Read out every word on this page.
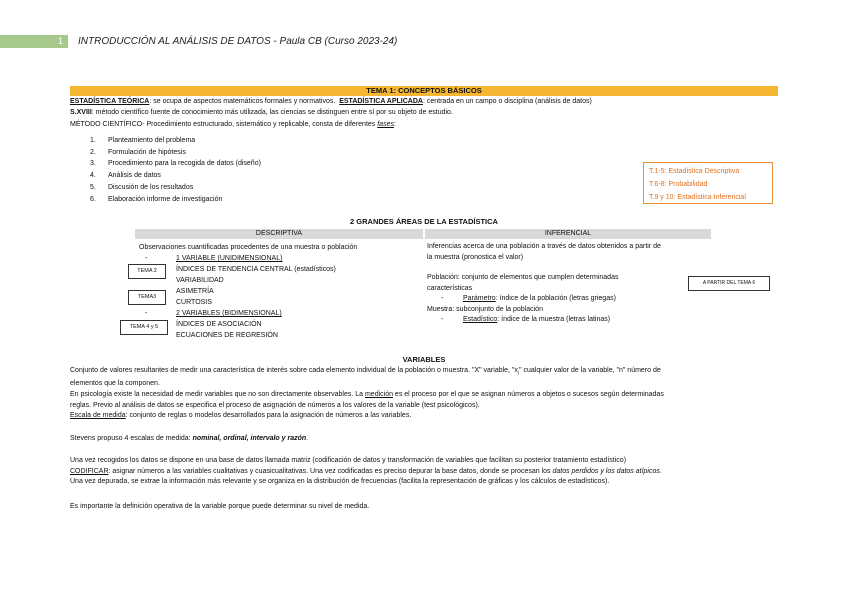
1 INTRODUCCIÓN AL ANÁLISIS DE DATOS - Paula CB (Curso 2023-24)
TEMA 1: CONCEPTOS BÁSICOS
ESTADÍSTICA TEÓRICA: se ocupa de aspectos matemáticos formales y normativos. ESTADÍSTICA APLICADA: centrada en un campo o disciplina (análisis de datos)
S.XVIII: método científico fuente de conocimiento más utilizada, las ciencias se distinguen entre sí por su objeto de estudio.
MÉTODO CIENTÍFICO- Procedimiento estructurado, sistemático y replicable, consta de diferentes fases:
1. Planteamiento del problema
2. Formulación de hipótesis
3. Procedimiento para la recogida de datos (diseño)
4. Análisis de datos
5. Discusión de los resultados
6. Elaboración informe de investigación
T.1-5: Estadística Descriptiva
T.6-8: Probabilidad
T.9 y 10: Estadística Inferencial
2 GRANDES ÁREAS DE LA ESTADÍSTICA
DESCRIPTIVA	INFERENCIAL
TEMA 2
TEMA3
TEMA 4 y 5
Observaciones cuantificadas procedentes de una muestra o población
-	1 VARIABLE (UNIDIMENSIONAL)
ÍNDICES DE TENDENCIA CENTRAL (estadísticos)
VARIABILIDAD
ASIMETRÍA
CURTOSIS
-	2 VARIABLES (BIDIMENSIONAL)
ÍNDICES DE ASOCIACIÓN
ECUACIONES DE REGRESIÓN
Inferencias acerca de una población a través de datos obtenidos a partir de
la muestra (pronostica el valor)
Población: conjunto de elementos que cumplen determinadas
características
-	Parámetro: índice de la población (letras griegas)
Muestra: subconjunto de la población
-	Estadístico: índice de la muestra (letras latinas)
A PARTIR DEL TEMA 6
VARIABLES
Conjunto de valores resultantes de medir una característica de interés sobre cada elemento individual de la población o muestra. "X" variable, "$x_i$" cualquier valor de la variable, "n" número de
elementos que la componen.
En psicología existe la necesidad de medir variables que no son directamente observables. La medición es el proceso por el que se asignan números a objetos o sucesos según determinadas
reglas. Previo al análisis de datos se especifica el proceso de asignación de números a los valores de la variable (test psicológicos).
Escala de medida: conjunto de reglas o modelos desarrollados para la asignación de números a las variables.
Stevens propuso 4 escalas de medida: nominal, ordinal, intervalo y razón.
Una vez recogidos los datos se dispone en una base de datos llamada matriz (codificación de datos y transformación de variables que facilitan su posterior tratamiento estadístico)
CODIFICAR: asignar números a las variables cualitativas y cuasicualitativas. Una vez codificadas es preciso depurar la base datos, donde se procesan los datos perdidos y los datos atípicos.
Una vez depurada, se extrae la información más relevante y se organiza en la distribución de frecuencias (facilita la representación de gráficas y los cálculos de estadísticos).
Es importante la definición operativa de la variable porque puede determinar su nivel de medida.
